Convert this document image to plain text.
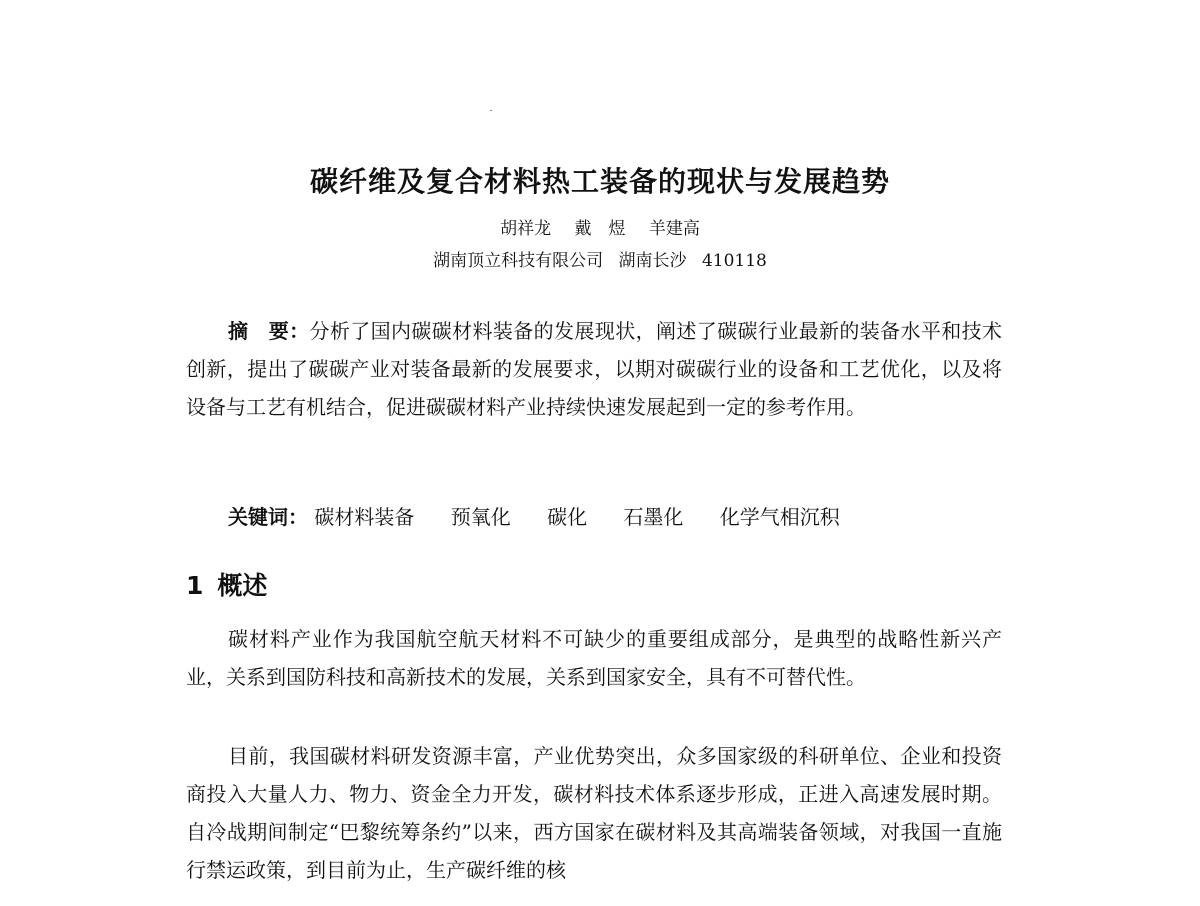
碳纤维及复合材料热工装备的现状与发展趋势
胡祥龙 戴　煜 羊建高
湖南顶立科技有限公司 湖南长沙 410118
摘　要：分析了国内碳碳材料装备的发展现状，阐述了碳碳行业最新的装备水平和技术创新，提出了碳碳产业对装备最新的发展要求，以期对碳碳行业的设备和工艺优化，以及将设备与工艺有机结合，促进碳碳材料产业持续快速发展起到一定的参考作用。
关键词： 碳材料装备 预氧化 碳化 石墨化 化学气相沉积
1 概述
碳材料产业作为我国航空航天材料不可缺少的重要组成部分，是典型的战略性新兴产业，关系到国防科技和高新技术的发展，关系到国家安全，具有不可替代性。
目前，我国碳材料研发资源丰富，产业优势突出，众多国家级的科研单位、企业和投资商投入大量人力、物力、资金全力开发，碳材料技术体系逐步形成，正进入高速发展时期。自冷战期间制定“巴黎统筹条约”以来，西方国家在碳材料及其高端装备领域，对我国一直施行禁运政策，到目前为止，生产碳纤维的核
